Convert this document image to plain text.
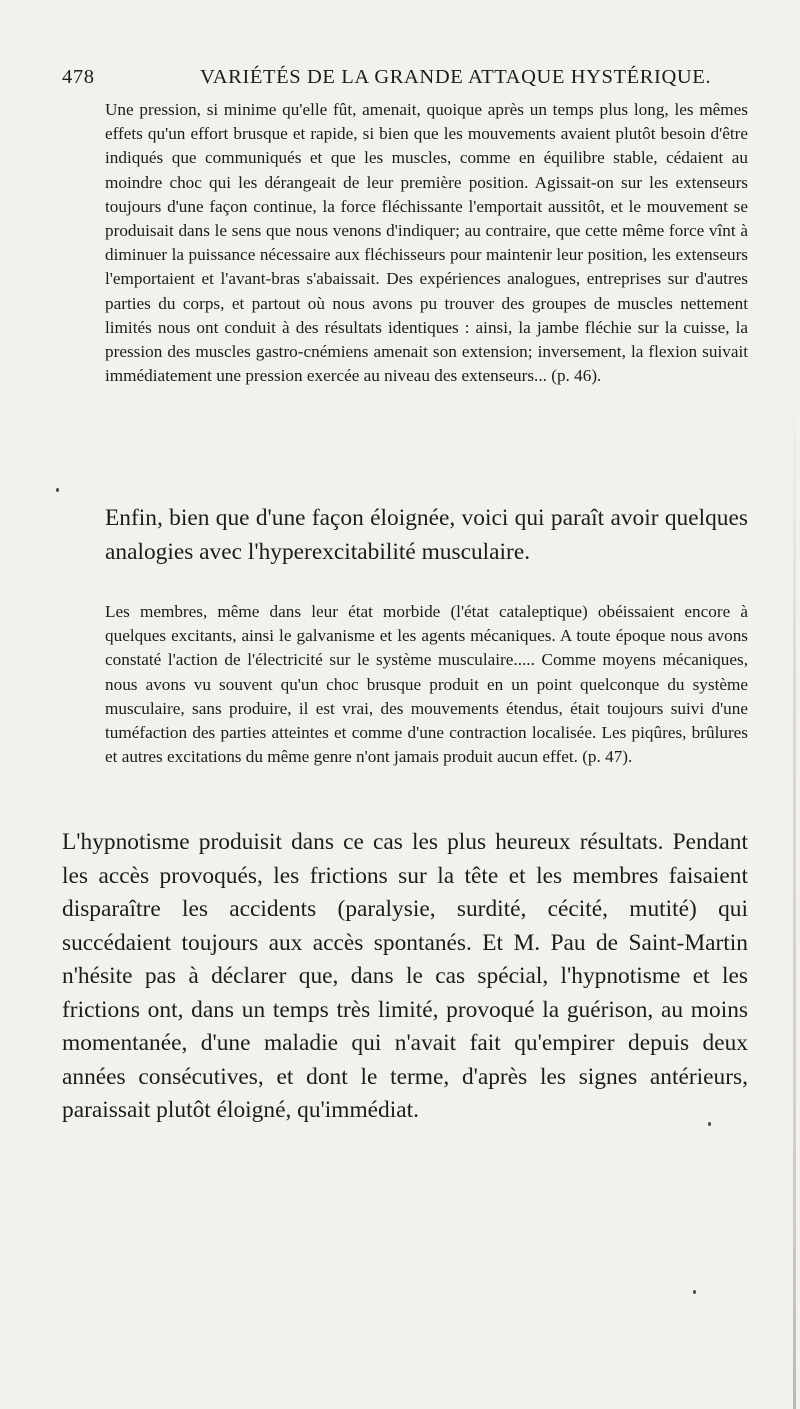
478	VARIÉTÉS DE LA GRANDE ATTAQUE HYSTÉRIQUE.

Une pression, si minime qu'elle fût, amenait, quoique après un temps plus long, les mêmes effets qu'un effort brusque et rapide, si bien que les mouvements avaient plutôt besoin d'être indiqués que communiqués et que les muscles, comme en équilibre stable, cédaient au moindre choc qui les dérangeait de leur première position. Agissait-on sur les extenseurs toujours d'une façon continue, la force fléchissante l'emportait aussitôt, et le mouvement se produisait dans le sens que nous venons d'indiquer; au contraire, que cette même force vînt à diminuer la puissance nécessaire aux fléchisseurs pour maintenir leur position, les extenseurs l'emportaient et l'avant-bras s'abaissait. Des expériences analogues, entreprises sur d'autres parties du corps, et partout où nous avons pu trouver des groupes de muscles nettement limités nous ont conduit à des résultats identiques : ainsi, la jambe fléchie sur la cuisse, la pression des muscles gastro-cnémiens amenait son extension; inversement, la flexion suivait immédiatement une pression exercée au niveau des extenseurs... (p. 46).

Enfin, bien que d'une façon éloignée, voici qui paraît avoir quelques analogies avec l'hyperexcitabilité musculaire.

Les membres, même dans leur état morbide (l'état cataleptique) obéissaient encore à quelques excitants, ainsi le galvanisme et les agents mécaniques. A toute époque nous avons constaté l'action de l'électricité sur le système musculaire..... Comme moyens mécaniques, nous avons vu souvent qu'un choc brusque produit en un point quelconque du système musculaire, sans produire, il est vrai, des mouvements étendus, était toujours suivi d'une tuméfaction des parties atteintes et comme d'une contraction localisée. Les piqûres, brûlures et autres excitations du même genre n'ont jamais produit aucun effet. (p. 47).

L'hypnotisme produisit dans ce cas les plus heureux résultats. Pendant les accès provoqués, les frictions sur la tête et les membres faisaient disparaître les accidents (paralysie, surdité, cécité, mutité) qui succédaient toujours aux accès spontanés. Et M. Pau de Saint-Martin n'hésite pas à déclarer que, dans le cas spécial, l'hypnotisme et les frictions ont, dans un temps très limité, provoqué la guérison, au moins momentanée, d'une maladie qui n'avait fait qu'empirer depuis deux années consécutives, et dont le terme, d'après les signes antérieurs, paraissait plutôt éloigné, qu'immédiat.
